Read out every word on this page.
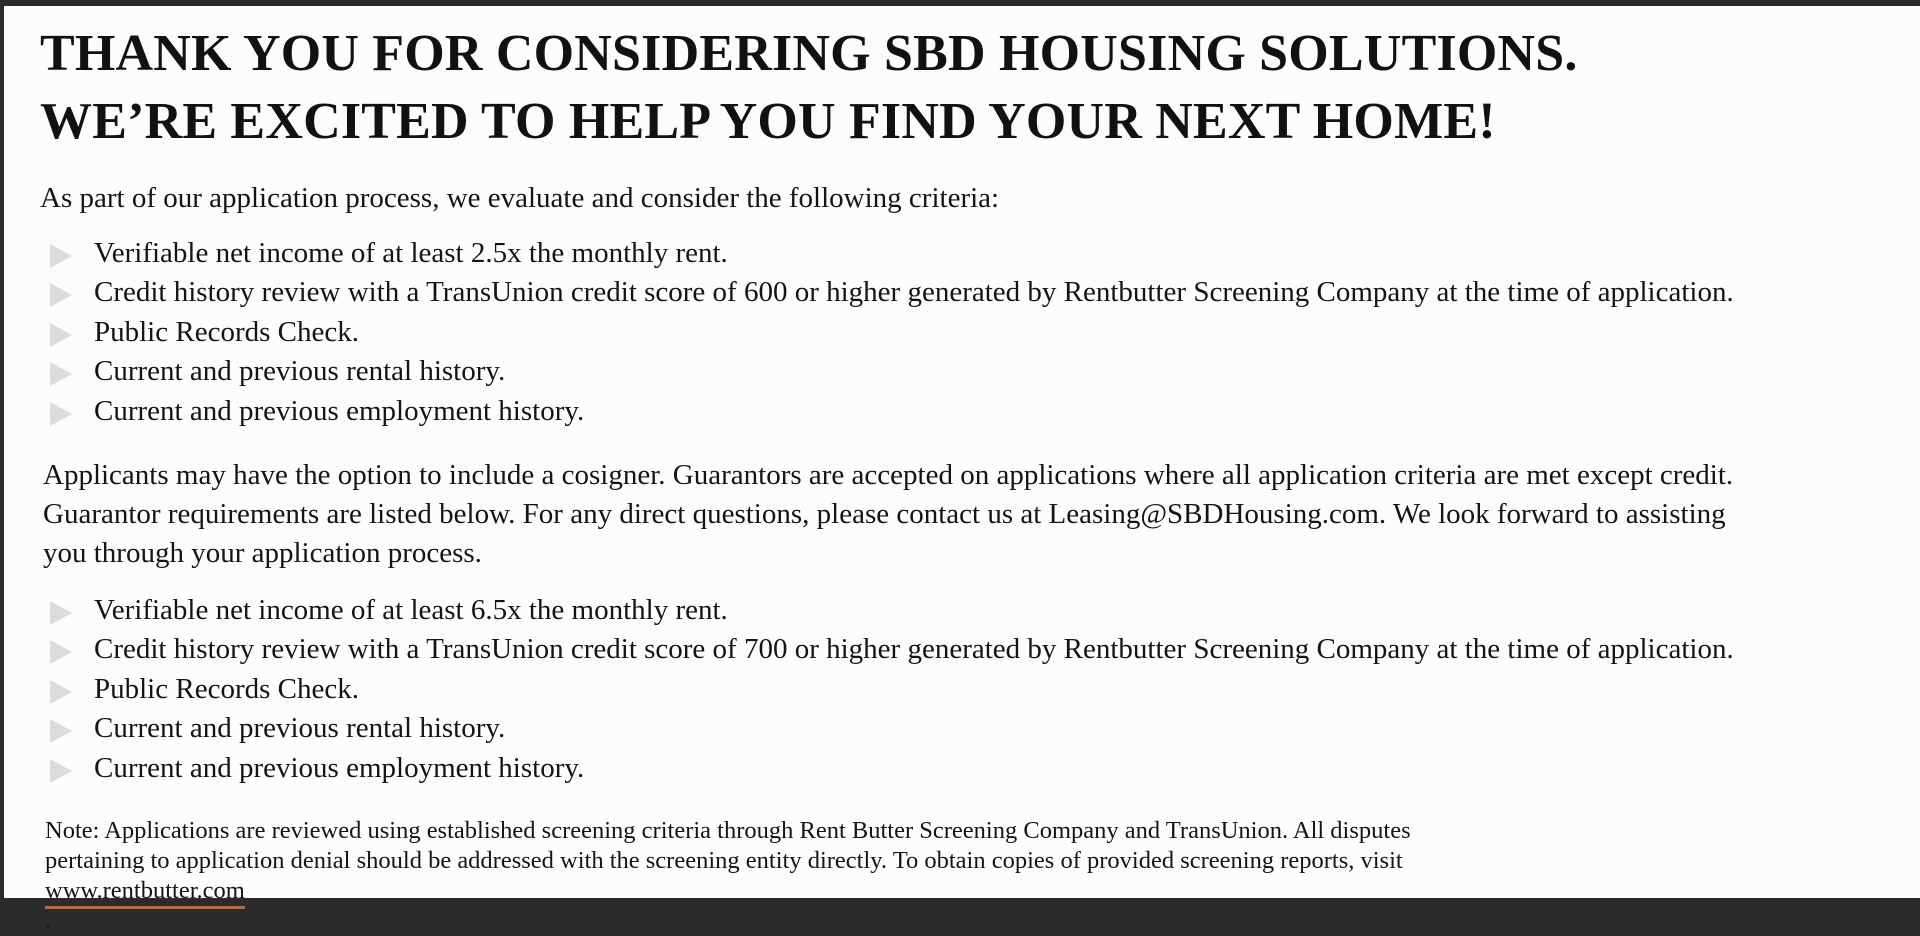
THANK YOU FOR CONSIDERING SBD HOUSING SOLUTIONS.
WE’RE EXCITED TO HELP YOU FIND YOUR NEXT HOME!

As part of our application process, we evaluate and consider the following criteria:

Verifiable net income of at least 2.5x the monthly rent.
Credit history review with a TransUnion credit score of 600 or higher generated by Rentbutter Screening Company at the time of application.
Public Records Check.
Current and previous rental history.
Current and previous employment history.

Applicants may have the option to include a cosigner. Guarantors are accepted on applications where all application criteria are met except credit.
Guarantor requirements are listed below. For any direct questions, please contact us at Leasing@SBDHousing.com. We look forward to assisting
you through your application process.

Verifiable net income of at least 6.5x the monthly rent.
Credit history review with a TransUnion credit score of 700 or higher generated by Rentbutter Screening Company at the time of application.
Public Records Check.
Current and previous rental history.
Current and previous employment history.

Note: Applications are reviewed using established screening criteria through Rent Butter Screening Company and TransUnion. All disputes
pertaining to application denial should be addressed with the screening entity directly. To obtain copies of provided screening reports, visit
www.rentbutter.com
.
